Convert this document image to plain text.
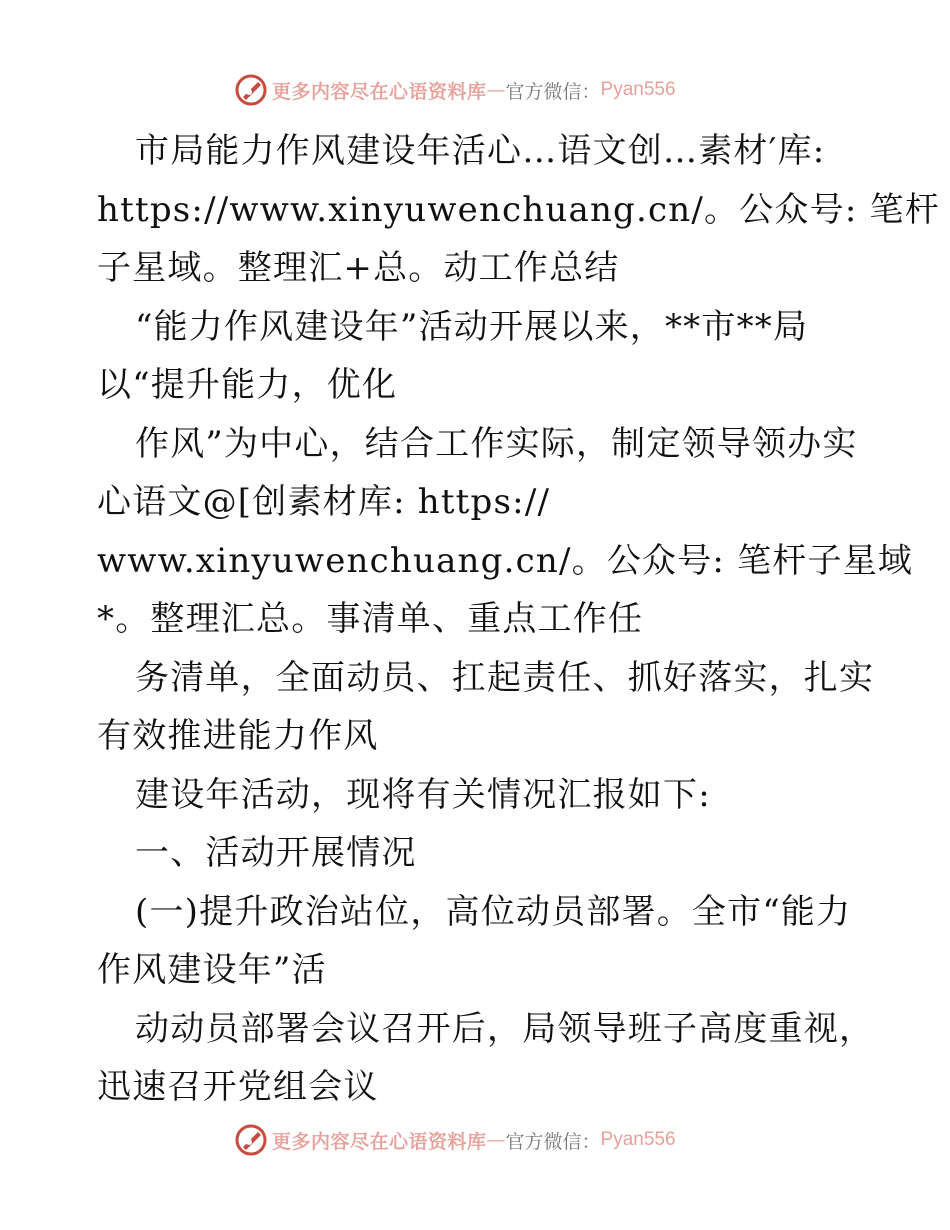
更多内容尽在心语资料库 — 官方微信： Pyan556
市局能力作风建设年活心…语文创…素材′库:
https://www.xinyuwenchuang.cn/。公众号: 笔杆
子星域。整理汇+总。动工作总结
“能力作风建设年”活动开展以来，**市**局
以“提升能力，优化
作风”为中心，结合工作实际，制定领导领办实
心语文@[创素材库: https://
www.xinyuwenchuang.cn/。公众号: 笔杆子星域
*。整理汇总。事清单、重点工作任
务清单，全面动员、扛起责任、抓好落实，扎实
有效推进能力作风
建设年活动，现将有关情况汇报如下:
一、活动开展情况
(一)提升政治站位，高位动员部署。全市“能力
作风建设年”活
动动员部署会议召开后，局领导班子高度重视，
迅速召开党组会议
更多内容尽在心语资料库 — 官方微信： Pyan556
